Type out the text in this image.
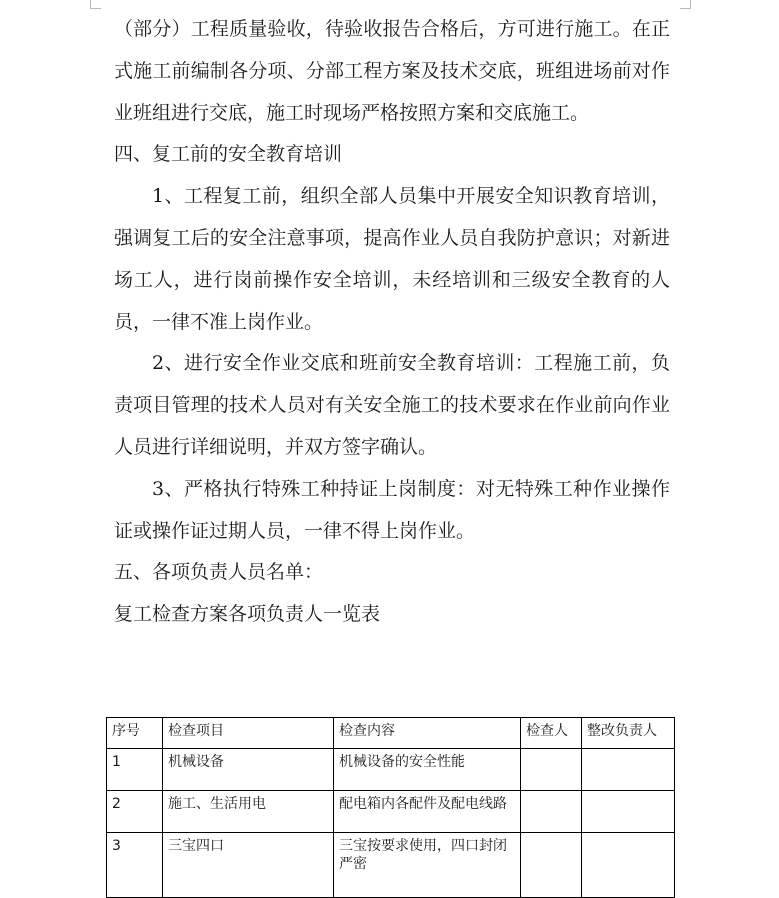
（部分）工程质量验收，待验收报告合格后，方可进行施工。在正式施工前编制各分项、分部工程方案及技术交底，班组进场前对作业班组进行交底，施工时现场严格按照方案和交底施工。

四、复工前的安全教育培训

1、工程复工前，组织全部人员集中开展安全知识教育培训，强调复工后的安全注意事项，提高作业人员自我防护意识；对新进场工人，进行岗前操作安全培训，未经培训和三级安全教育的人员，一律不准上岗作业。

2、进行安全作业交底和班前安全教育培训：工程施工前，负责项目管理的技术人员对有关安全施工的技术要求在作业前向作业人员进行详细说明，并双方签字确认。

3、严格执行特殊工种持证上岗制度：对无特殊工种作业操作证或操作证过期人员，一律不得上岗作业。

五、各项负责人员名单：

复工检查方案各项负责人一览表

序号	检查项目	检查内容	检查人	整改负责人
1	机械设备	机械设备的安全性能		
2	施工、生活用电	配电箱内各配件及配电线路		
3	三宝四口	三宝按要求使用，四口封闭严密		
